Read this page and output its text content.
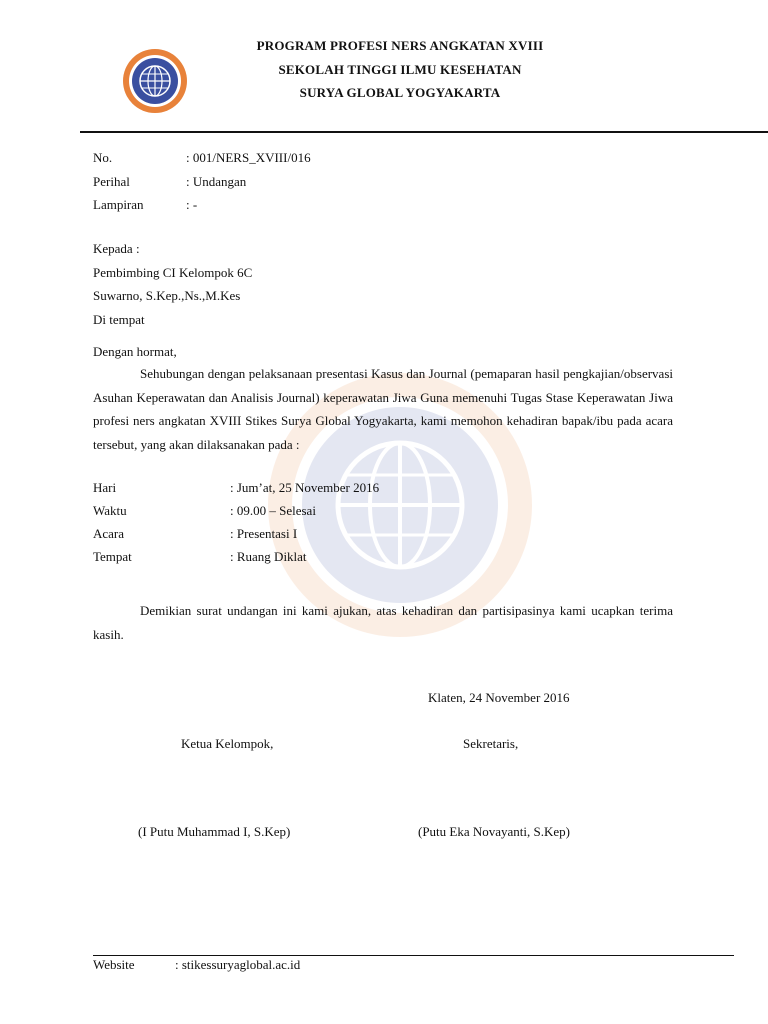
PROGRAM PROFESI NERS ANGKATAN XVIII
SEKOLAH TINGGI ILMU KESEHATAN
SURYA GLOBAL YOGYAKARTA
No.	: 001/NERS_XVIII/016
Perihal	: Undangan
Lampiran	: -
Kepada :
Pembimbing CI Kelompok 6C
Suwarno, S.Kep.,Ns.,M.Kes
Di tempat
Dengan hormat,
Sehubungan dengan pelaksanaan presentasi Kasus dan Journal (pemaparan hasil pengkajian/observasi Asuhan Keperawatan dan Analisis Journal) keperawatan Jiwa Guna memenuhi Tugas Stase Keperawatan Jiwa profesi ners angkatan XVIII Stikes Surya Global Yogyakarta, kami memohon kehadiran bapak/ibu pada acara tersebut, yang akan dilaksanakan pada :
Hari	: Jum’at, 25 November 2016
Waktu	: 09.00 – Selesai
Acara	: Presentasi I
Tempat	: Ruang Diklat
Demikian surat undangan ini kami ajukan, atas kehadiran dan partisipasinya kami ucapkan terima kasih.
Klaten, 24 November 2016
Ketua Kelompok,	Sekretaris,
(I Putu Muhammad I, S.Kep)	(Putu Eka Novayanti, S.Kep)
Website	: stikessuryaglobal.ac.id
